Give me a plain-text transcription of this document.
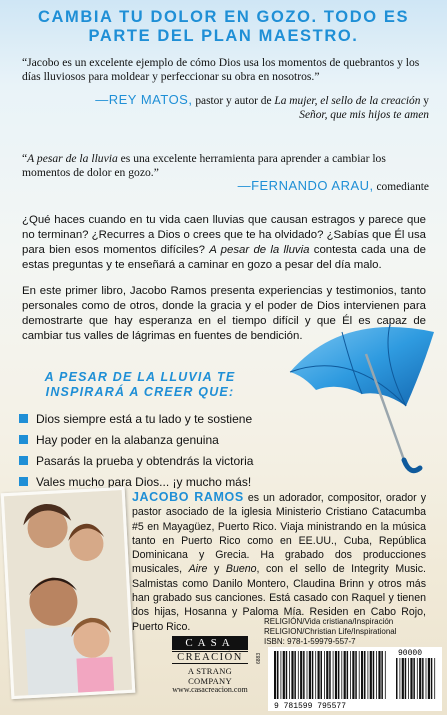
CAMBIA TU DOLOR EN GOZO. TODO ES PARTE DEL PLAN MAESTRO.
“Jacobo es un excelente ejemplo de cómo Dios usa los momentos de quebrantos y los días lluviosos para moldear y perfeccionar su obra en nosotros.”
—REY MATOS, pastor y autor de La mujer, el sello de la creación y Señor, que mis hijos te amen
“A pesar de la lluvia es una excelente herramienta para aprender a cambiar los momentos de dolor en gozo.”
—FERNANDO ARAU, comediante

¿Qué haces cuando en tu vida caen lluvias que causan estragos y parece que no terminan? ¿Recurres a Dios o crees que te ha olvidado? ¿Sabías que Él usa para bien esos momentos difíciles? A pesar de la lluvia contesta cada una de estas preguntas y te enseñará a caminar en gozo a pesar del día malo.

En este primer libro, Jacobo Ramos presenta experiencias y testimonios, tanto personales como de otros, donde la gracia y el poder de Dios intervienen para demostrarte que hay esperanza en el tiempo difícil y que Él es capaz de cambiar tus valles de lágrimas en fuentes de bendición.

A PESAR DE LA LLUVIA TE INSPIRARÁ A CREER QUE:
Dios siempre está a tu lado y te sostiene
Hay poder en la alabanza genuina
Pasarás la prueba y obtendrás la victoria
Vales mucho para Dios... ¡y mucho más!

JACOBO RAMOS es un adorador, compositor, orador y pastor asociado de la iglesia Ministerio Cristiano Catacumba #5 en Mayagüez, Puerto Rico. Viaja ministrando en la música tanto en Puerto Rico como en EE.UU., Cuba, República Dominicana y Grecia. Ha grabado dos producciones musicales, Aire y Bueno, con el sello de Integrity Music. Salmistas como Danilo Montero, Claudina Brinn y otros más han grabado sus canciones. Está casado con Raquel y tienen dos hijas, Hosanna y Paloma Mía. Residen en Cabo Rojo, Puerto Rico.

CASA
CREACIÓN
A STRANG COMPANY
www.casacreacion.com
RELIGIÓN/Vida cristiana/Inspiración
RELIGION/Christian Life/Inspirational
ISBN: 978-1-59979-557-7
6883
9 781599 795577
90000
